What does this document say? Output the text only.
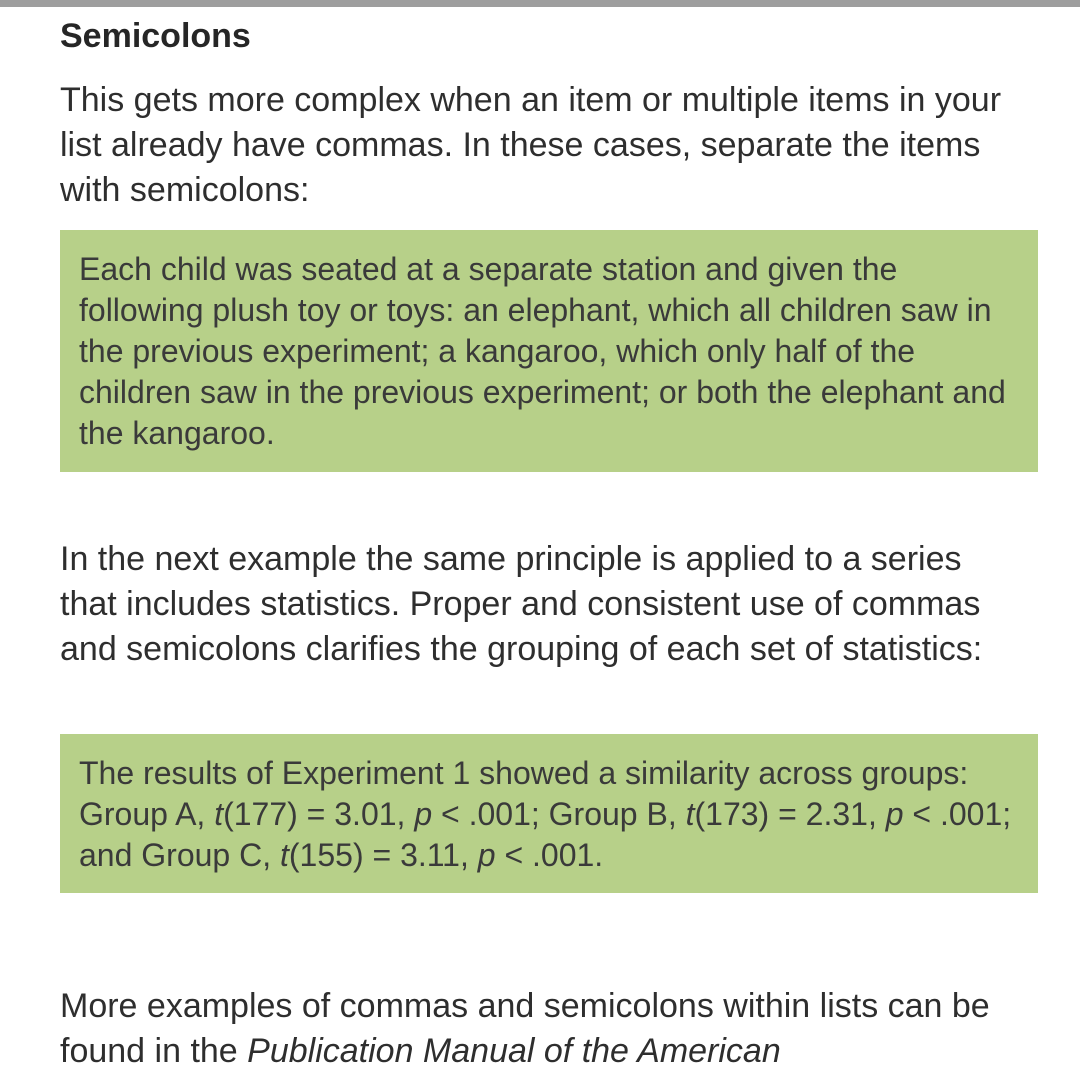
Semicolons

This gets more complex when an item or multiple items in your list already have commas. In these cases, separate the items with semicolons:

Each child was seated at a separate station and given the following plush toy or toys: an elephant, which all children saw in the previous experiment; a kangaroo, which only half of the children saw in the previous experiment; or both the elephant and the kangaroo.

In the next example the same principle is applied to a series that includes statistics. Proper and consistent use of commas and semicolons clarifies the grouping of each set of statistics:

The results of Experiment 1 showed a similarity across groups: Group A, t(177) = 3.01, p < .001; Group B, t(173) = 2.31, p < .001; and Group C, t(155) = 3.11, p < .001.

More examples of commas and semicolons within lists can be found in the Publication Manual of the American
